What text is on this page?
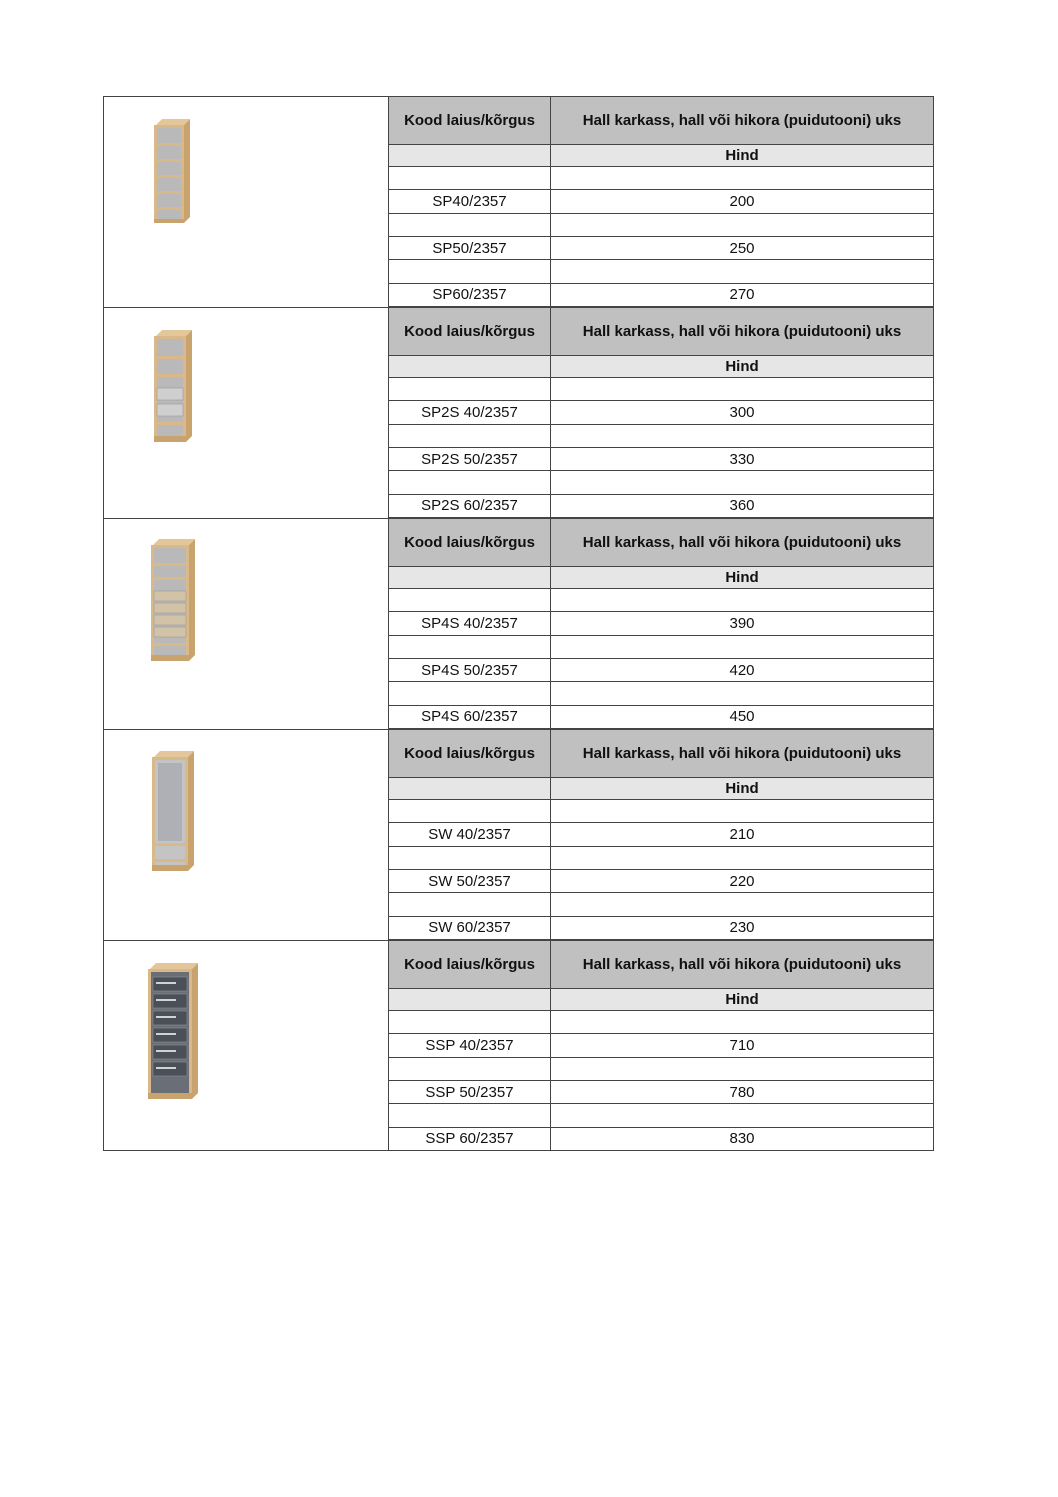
·
Kood laius/kõrgus	Hall karkass, hall või hikora (puidutooni) uks
	Hind

SP40/2357	200

SP50/2357	250

SP60/2357	270
Kood laius/kõrgus	Hall karkass, hall või hikora (puidutooni) uks
	Hind

SP2S 40/2357	300

SP2S 50/2357	330

SP2S 60/2357	360
Kood laius/kõrgus	Hall karkass, hall või hikora (puidutooni) uks
	Hind

SP4S 40/2357	390

SP4S 50/2357	420

SP4S 60/2357	450
Kood laius/kõrgus	Hall karkass, hall või hikora (puidutooni) uks
	Hind

SW 40/2357	210

SW 50/2357	220

SW 60/2357	230
Kood laius/kõrgus	Hall karkass, hall või hikora (puidutooni) uks
	Hind

SSP 40/2357	710

SSP 50/2357	780

SSP 60/2357	830
